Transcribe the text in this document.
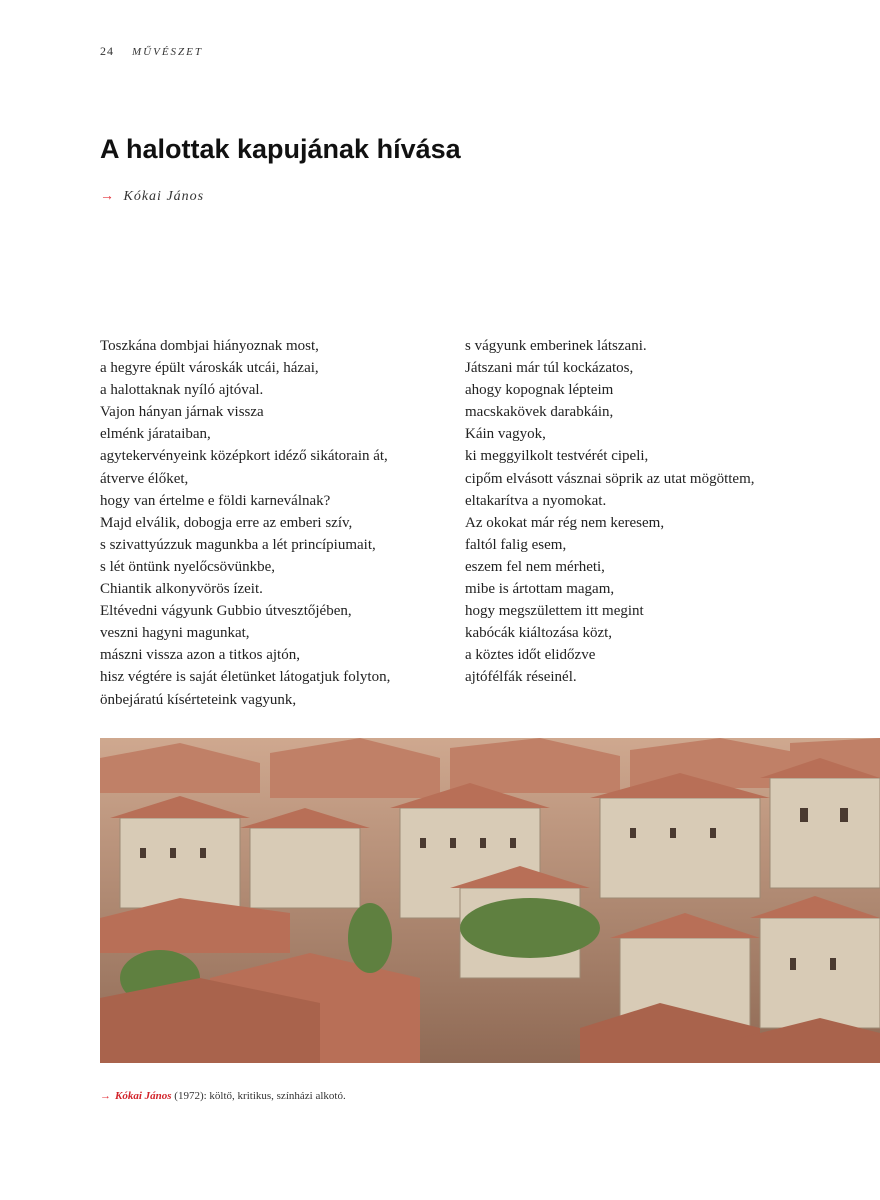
24 MŰVÉSZET
A halottak kapujának hívása
→ Kókai János
Toszkána dombjai hiányoznak most,
a hegyre épült városkák utcái, házai,
a halottaknak nyíló ajtóval.
Vajon hányan járnak vissza
elménk járataiban,
agytekervényeink középkort idéző sikátorain át,
átverve élőket,
hogy van értelme e földi karneválnak?
Majd elválik, dobogja erre az emberi szív,
s szivattyúzzuk magunkba a lét princípiumait,
s lét öntünk nyelőcsövünkbe,
Chiantik alkonyvörös ízeit.
Eltévedni vágyunk Gubbio útvesztőjében,
veszni hagyni magunkat,
mászni vissza azon a titkos ajtón,
hisz végtére is saját életünket látogatjuk folyton,
önbejáratú kísérteteink vagyunk,
s vágyunk emberinek látszani.
Játszani már túl kockázatos,
ahogy kopognak lépteim
macskakövek darabkáin,
Káin vagyok,
ki meggyilkolt testvérét cipeli,
cipőm elvásott vásznai söprik az utat mögöttem,
eltakarítva a nyomokat.
Az okokat már rég nem keresem,
faltól falig esem,
eszem fel nem mérheti,
mibe is ártottam magam,
hogy megszülettem itt megint
kabócák kiáltozása közt,
a köztes időt elidőzve
ajtófélfák réseinél.
→ Kókai János (1972): költő, kritikus, színházi alkotó.
